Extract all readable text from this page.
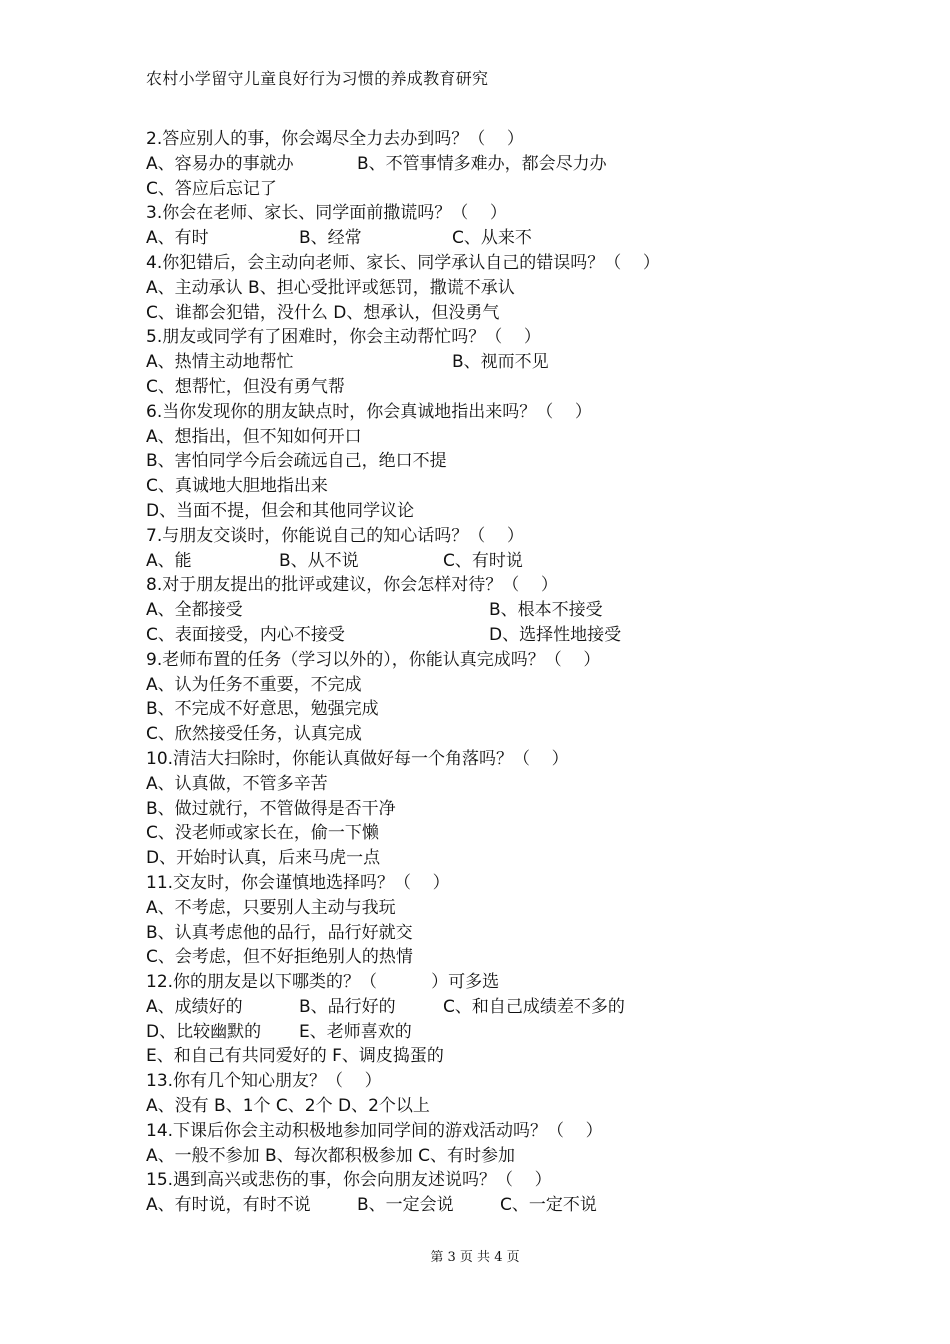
农村小学留守儿童良好行为习惯的养成教育研究
2.答应别人的事，你会竭尽全力去办到吗？（    ）
A、容易办的事就办	B、不管事情多难办，都会尽力办
C、答应后忘记了
3.你会在老师、家长、同学面前撒谎吗？（    ）
A、有时	B、经常	C、从来不
4.你犯错后，会主动向老师、家长、同学承认自己的错误吗？（    ）
A、主动承认 B、担心受批评或惩罚，撒谎不承认
C、谁都会犯错，没什么 D、想承认，但没勇气
5.朋友或同学有了困难时，你会主动帮忙吗？（    ）
A、热情主动地帮忙	B、视而不见
C、想帮忙，但没有勇气帮
6.当你发现你的朋友缺点时，你会真诚地指出来吗？（    ）
A、想指出，但不知如何开口
B、害怕同学今后会疏远自己，绝口不提
C、真诚地大胆地指出来
D、当面不提，但会和其他同学议论
7.与朋友交谈时，你能说自己的知心话吗？（    ）
A、能	B、从不说	C、有时说
8.对于朋友提出的批评或建议，你会怎样对待？（    ）
A、全都接受	B、根本不接受
C、表面接受，内心不接受	D、选择性地接受
9.老师布置的任务（学习以外的），你能认真完成吗？（    ）
A、认为任务不重要，不完成
B、不完成不好意思，勉强完成
C、欣然接受任务，认真完成
10.清洁大扫除时，你能认真做好每一个角落吗？（    ）
A、认真做，不管多辛苦
B、做过就行，不管做得是否干净
C、没老师或家长在，偷一下懒
D、开始时认真，后来马虎一点
11.交友时，你会谨慎地选择吗？（    ）
A、不考虑，只要别人主动与我玩
B、认真考虑他的品行，品行好就交
C、会考虑，但不好拒绝别人的热情
12.你的朋友是以下哪类的？（          ）可多选
A、成绩好的	B、品行好的	C、和自己成绩差不多的
D、比较幽默的 E、老师喜欢的
E、和自己有共同爱好的 F、调皮捣蛋的
13.你有几个知心朋友？（    ）
A、没有 B、1个 C、2个 D、2个以上
14.下课后你会主动积极地参加同学间的游戏活动吗？（    ）
A、一般不参加 B、每次都积极参加 C、有时参加
15.遇到高兴或悲伤的事，你会向朋友述说吗？（    ）
A、有时说，有时不说	B、一定会说	C、一定不说
第 3 页 共 4 页
